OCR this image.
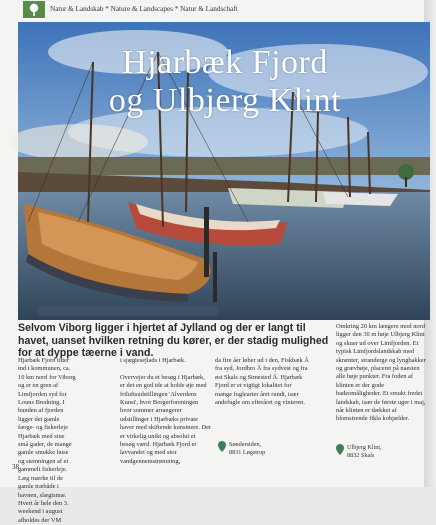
Natur & Landskab * Nature & Landscapes * Natur & Landschaft
Hjarbæk Fjord
og Ulbjerg Klint
Selvom Viborg ligger i hjertet af Jylland og der er langt til havet, uanset hvilken retning du kører, er der stadig mulighed for at dyppe tæerne i vand.

Hjarbæk Fjord titter ind i kommunen, ca. 10 km nord for Viborg og er en gren af Limfjorden syd for Louns Bredning. I bunden af fjorden ligger det gamle færge- og fiskerleje Hjarbæk med sine små gader, de mange gamle smukke huse og stemningen af et gammelt fiskerleje. Læg mærke til de gamle træbåde i havnen, slægtsmæ. Hvert år hele den 3. weekend i august afholdes der VM

i sjægtesejlads i Hjarbæk.

Overvejer du et besøg i Hjarbæk, er det en god ide at holde øje med friluftsudstillingen 'Alverdens Kunst', hvor Borgerforeningen hvor sommer arrangerer udstillinger i Hjarbæks private haver med skiftende kunstnere. Det er virkelig unikt og absolut et besøg værd. Hjarbæk Fjord er lavvandet og med stor vandgennemstrømning,

da fire åer løber ud i den, Fiskbæk Å fra syd, Jordbro Å fra sydvest og fra øst Skals og Simested Å. Hjarbæk Fjord er et vigtigt lokalitet for mange fuglearter året rundt, især andefugle om efteråret og vinteren.

Omkring 20 km længere mod nord ligger den 30 m høje Ulbjerg Klint og skuer ud over Limfjorden. Et typisk Limfjordslandskab med skrænter, stranderge og lyngbakker og grævbøje, placeret på naesten alle høje punkter. Fra foden af klinten er der gode badeomåligheder. Et smukt fredet landskab, især de første uger i maj, når klinten er dækket af blomstrende fikla kobjælder.

Søndersiden,
8831 Løgstrup
Ulbjerg Klint,
8832 Skals
38
